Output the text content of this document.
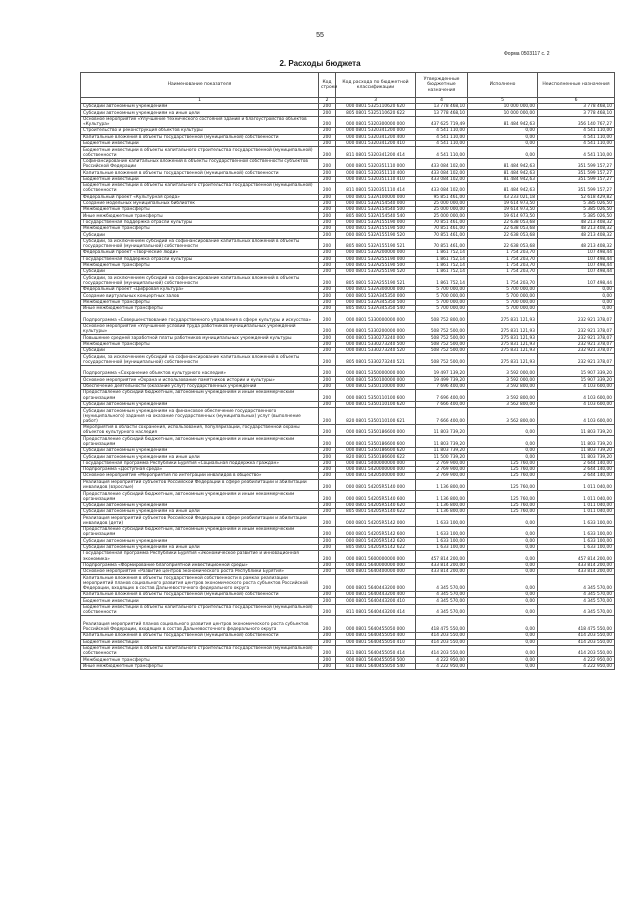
55
Форма 0503117 с. 2
2. Расходы бюджета
Наименование показателя	Код строки	Код расхода по бюджетной классификации	Утвержденные бюджетные назначения	Исполнено	Неисполненные назначения
1	2	3	4	5	6
Субсидии автономным учреждениям	200	000 0801 5325110620 620	13 778 468,10	10 000 000,00	3 778 468,10
Субсидии автономным учреждениям на иные цели	200	805 0801 5325110620 622	13 778 468,10	10 000 000,00	3 778 468,10
Основное мероприятие «Улучшение технического состояния зданий и благоустройство объектов «Культура»	200	000 0801 5320300000 000	437 625 719,49	81 484 942,63	356 140 767,27
Строительство и реконструкция объектов культуры	200	000 0801 5320341200 000	4 541 110,00	0,00	4 541 110,00
Капитальные вложения в объекты государственной (муниципальной) собственности	200	000 0801 5320341200 400	4 541 110,00	0,00	4 541 110,00
Бюджетные инвестиции	200	000 0801 5320341200 410	4 541 110,00	0,00	4 541 110,00
Бюджетные инвестиции в объекты капитального строительства государственной (муниципальной) собственности	200	811 0801 5320341200 414	4 541 110,00	0,00	4 541 110,00
Софинансирование капитальных вложений в объекты государственной собственности субъектов Российской Федерации	200	000 0801 5320351110 000	433 084 102,00	81 484 942,63	351 599 157,27
Капитальные вложения в объекты государственной (муниципальной) собственности	200	000 0801 5320351110 400	433 084 102,00	81 484 942,63	351 599 157,27
Бюджетные инвестиции	200	000 0801 5320351110 410	433 084 102,00	81 484 942,63	351 599 157,27
Бюджетные инвестиции в объекты капитального строительства государственной (муниципальной) собственности	200	811 0801 5320351110 414	433 084 102,00	81 484 942,63	351 599 157,27
Федеральный проект «Культурная среда»	200	000 0801 532A100000 000	95 851 461,00	43 233 021,18	52 618 429,82
Создание модельных муниципальных библиотек	200	000 0801 532A154540 000	25 000 000,00	19 614 973,50	5 385 026,50
Межбюджетные трансферты	200	000 0801 532A154540 500	25 000 000,00	19 614 973,50	5 385 026,50
Иные межбюджетные трансферты	200	805 0801 532A154540 540	25 000 000,00	19 614 973,50	5 385 026,50
Государственная поддержка отрасли культуры	200	000 0801 532A155190 000	70 851 461,00	22 638 053,68	48 213 408,32
Межбюджетные трансферты	200	000 0801 532A155190 500	70 851 461,00	22 638 053,68	48 213 408,32
Субсидии	200	000 0801 532A155190 520	70 851 461,00	22 638 053,68	48 213 408,32
Субсидии, за исключением субсидий на софинансирование капитальных вложений в объекты государственной (муниципальной) собственности	200	805 0801 532A155190 521	70 851 461,00	22 638 053,68	48 213 408,32
Федеральный проект «Творческие люди»	200	000 0801 532A200000 000	1 861 752,14	1 754 203,70	107 498,44
Государственная поддержка отрасли культуры	200	000 0801 532A255190 000	1 861 752,14	1 754 203,70	107 498,44
Межбюджетные трансферты	200	000 0801 532A255190 500	1 861 752,14	1 754 203,70	107 498,44
Субсидии	200	000 0801 532A255190 520	1 861 752,14	1 754 203,70	107 498,44
Субсидии, за исключением субсидий на софинансирование капитальных вложений в объекты государственной (муниципальной) собственности	200	805 0801 532A255190 521	1 861 752,14	1 754 203,70	107 498,44
Федеральный проект «Цифровая культура»	200	000 0801 532A300000 000	5 700 000,00	5 700 000,00	0,00
Создание виртуальных концертных залов	200	000 0801 532A345350 000	5 700 000,00	5 700 000,00	0,00
Межбюджетные трансферты	200	000 0801 532A345350 500	5 700 000,00	5 700 000,00	0,00
Иные межбюджетные трансферты	200	805 0801 532A345350 540	5 700 000,00	5 700 000,00	0,00
Подпрограмма «Совершенствование государственного управления в сфере культуры и искусства»	200	000 0801 5330000000 000	508 752 800,00	275 831 121,93	232 921 378,07
Основное мероприятие «Улучшение условий труда работников муниципальных учреждений культуры»	200	000 0801 5330200000 000	508 752 500,00	275 831 121,93	232 921 378,07
Повышение средней заработной платы работников муниципальных учреждений культуры	200	000 0801 5330273240 000	508 752 500,00	275 831 121,93	232 921 378,07
Межбюджетные трансферты	200	000 0801 5330273240 500	508 752 500,00	275 831 121,93	232 921 378,07
Субсидии	200	000 0801 5330273240 520	508 752 500,00	275 831 121,93	232 921 378,07
Субсидии, за исключением субсидий на софинансирование капитальных вложений в объекты государственной (муниципальной) собственности	200	805 0801 5330273240 521	508 752 500,00	275 831 121,93	232 921 378,07
Подпрограмма «Сохранение объектов культурного наследия»	200	000 0801 5350000000 000	19 497 139,20	3 592 000,00	15 907 339,20
Основное мероприятие «Охрана и использование памятников истории и культуры»	200	000 0801 5350100000 000	19 499 739,20	3 592 000,00	15 907 339,20
Обеспечение деятельности (оказание услуг) государственных учреждений	200	000 0801 5350110000 000	7 696 400,00	3 592 800,00	4 103 600,00
Предоставление субсидий бюджетным, автономным учреждениям и иным некоммерческим организациям	200	000 0801 5350110100 600	7 696 400,00	3 592 800,00	4 103 600,00
Субсидии автономным учреждениям	200	000 0801 5350110100 620	7 666 400,00	3 562 800,00	4 103 600,00
Субсидии автономным учреждениям на финансовое обеспечение государственного (муниципального) задания на оказание государственных (муниципальных) услуг (выполнение работ)	200	820 0801 5350110100 621	7 666 400,00	3 562 800,00	4 103 600,00
Мероприятия в области сохранения, использования, популяризации, государственной охраны объектов культурного наследия	200	000 0801 5350186600 000	11 803 739,20	0,00	11 803 739,20
Предоставление субсидий бюджетным, автономным учреждениям и иным некоммерческим организациям	200	000 0801 5350186600 600	11 803 739,20	0,00	11 803 739,20
Субсидии автономным учреждениям	200	000 0801 5350186600 620	11 803 739,20	0,00	11 803 739,20
Субсидии автономным учреждениям на иные цели	200	820 0801 5350186600 622	11 500 739,20	0,00	11 803 739,20
Государственная программа Республики Бурятия «Социальная поддержка граждан»	200	000 0801 5400000000 000	2 769 900,00	125 760,00	2 644 140,00
Подпрограмма «Доступная среда»	200	000 0801 5420000000 000	2 769 900,00	125 760,00	2 644 140,00
Основное мероприятие «Мероприятия по интеграции инвалидов в общество»	200	000 0801 5420500000 000	2 769 900,00	125 760,00	2 644 140,00
Реализация мероприятий субъектов Российской Федерации в сфере реабилитации и абилитации инвалидов (взрослые)	200	000 0801 54205R5140 000	1 136 800,00	125 760,00	1 011 040,00
Предоставление субсидий бюджетным, автономным учреждениям и иным некоммерческим организациям	200	000 0801 54205R5140 600	1 136 800,00	125 760,00	1 011 040,00
Субсидии автономным учреждениям	200	000 0801 54205R5140 620	1 136 800,00	125 760,00	1 011 040,00
Субсидии автономным учреждениям на иные цели	200	805 0801 54205R5140 622	1 136 800,00	125 760,00	1 011 040,00
Реализация мероприятий субъектов Российской Федерации в сфере реабилитации и абилитации инвалидов (дети)	200	000 0801 54205R5142 000	1 633 100,00	0,00	1 633 100,00
Предоставление субсидий бюджетным, автономным учреждениям и иным некоммерческим организациям	200	000 0801 54205R5142 600	1 633 100,00	0,00	1 633 100,00
Субсидии автономным учреждениям	200	000 0801 54205R5142 620	1 633 100,00	0,00	1 633 100,00
Субсидии автономным учреждениям на иные цели	200	805 0801 54205R5142 622	1 633 100,00	0,00	1 633 100,00
Государственная программа Республики Бурятия «Экономическое развитие и инновационная экономика»	200	000 0801 5600000000 000	457 814 200,00	0,00	457 814 200,00
Подпрограмма «Формирование благоприятной инвестиционной среды»	200	000 0801 5640000000 000	433 814 200,00	0,00	433 814 200,00
Основное мероприятие «Развитие центров экономического роста Республики Бурятия»	200	000 0801 5640400000 000	433 814 200,00	0,00	433 814 200,00
Капитальные вложения в объекты государственной собственности в рамках реализации мероприятий планов социального развития центров экономического роста субъектов Российской Федерации, входящих в состав Дальневосточного федерального округа	200	000 0801 5640443200 000	4 345 570,00	0,00	4 345 570,00
Капитальные вложения в объекты государственной (муниципальной) собственности	200	000 0801 5640443200 400	4 345 570,00	0,00	4 345 570,00
Бюджетные инвестиции	200	000 0801 5640443200 410	4 345 570,00	0,00	4 345 570,00
Бюджетные инвестиции в объекты капитального строительства государственной (муниципальной) собственности	200	811 0801 5640443200 414	4 345 570,00	0,00	4 345 570,00
Реализация мероприятий планов социального развития центров экономического роста субъектов Российской Федерации, входящих в состав Дальневосточного федерального округа	200	000 0801 5640455050 000	418 475 550,00	0,00	418 475 550,00
Капитальные вложения в объекты государственной (муниципальной) собственности	200	000 0801 5640455050 400	414 203 550,00	0,00	414 203 550,00
Бюджетные инвестиции	200	000 0801 5640455050 410	414 203 550,00	0,00	414 203 550,00
Бюджетные инвестиции в объекты капитального строительства государственной (муниципальной) собственности	200	811 0801 5640455050 414	414 203 550,00	0,00	414 203 550,00
Межбюджетные трансферты	200	000 0801 5640455050 500	4 222 950,00	0,00	4 222 950,00
Иные межбюджетные трансферты	200	811 0801 5640455050 540	4 222 950,00	0,00	4 222 950,00
